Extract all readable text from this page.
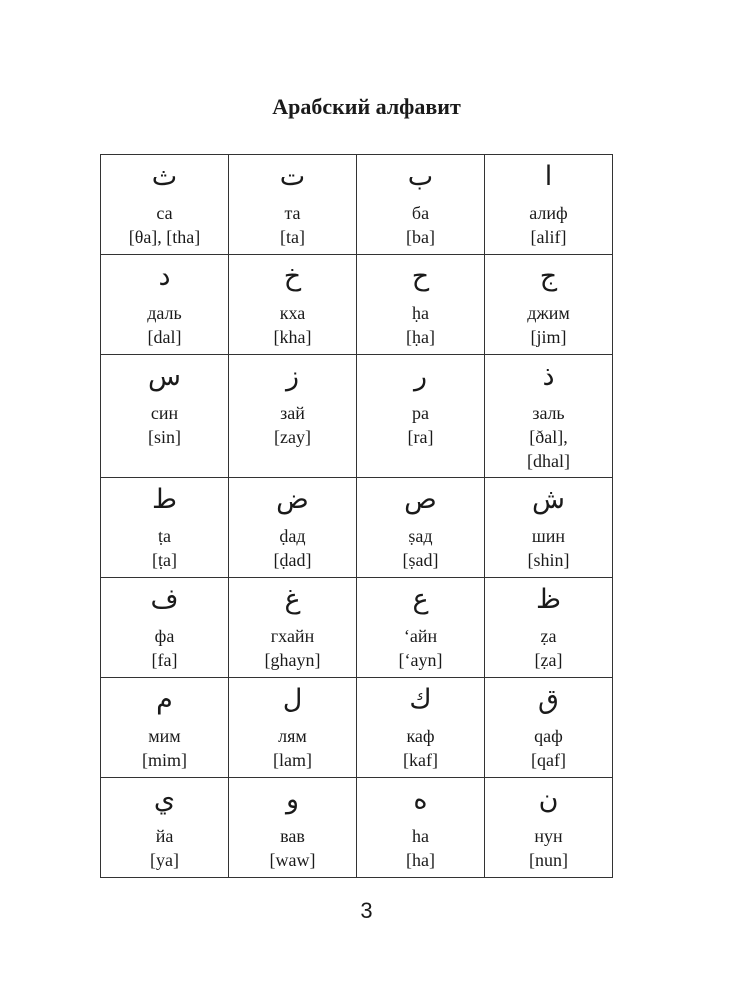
Арабский алфавит
ث
са
[θa], [tha]	ت
та
[ta]	ب
ба
[ba]	ا
алиф
[alif]

د
даль
[dal]	خ
кха
[kha]	ح
ḥa
[ḥa]	ج
джим
[jim]

س
син
[sin]	ز
зай
[zay]	ر
ра
[ra]	ذ
зaль
[ðal],
[dhal]

ط
ṭa
[ṭa]	ض
ḍад
[ḍad]	ص
ṣад
[ṣad]	ش
шин
[shin]

ف
фа
[fa]	غ
гхайн
[ghayn]	ع
‘айн
[‘ayn]	ظ
ẓa
[ẓa]

م
мим
[mim]	ل
лям
[lam]	ك
каф
[kaf]	ق
qaф
[qaf]

ي
йа
[ya]	و
вав
[waw]	ه
ha
[ha]	ن
нун
[nun]
3
